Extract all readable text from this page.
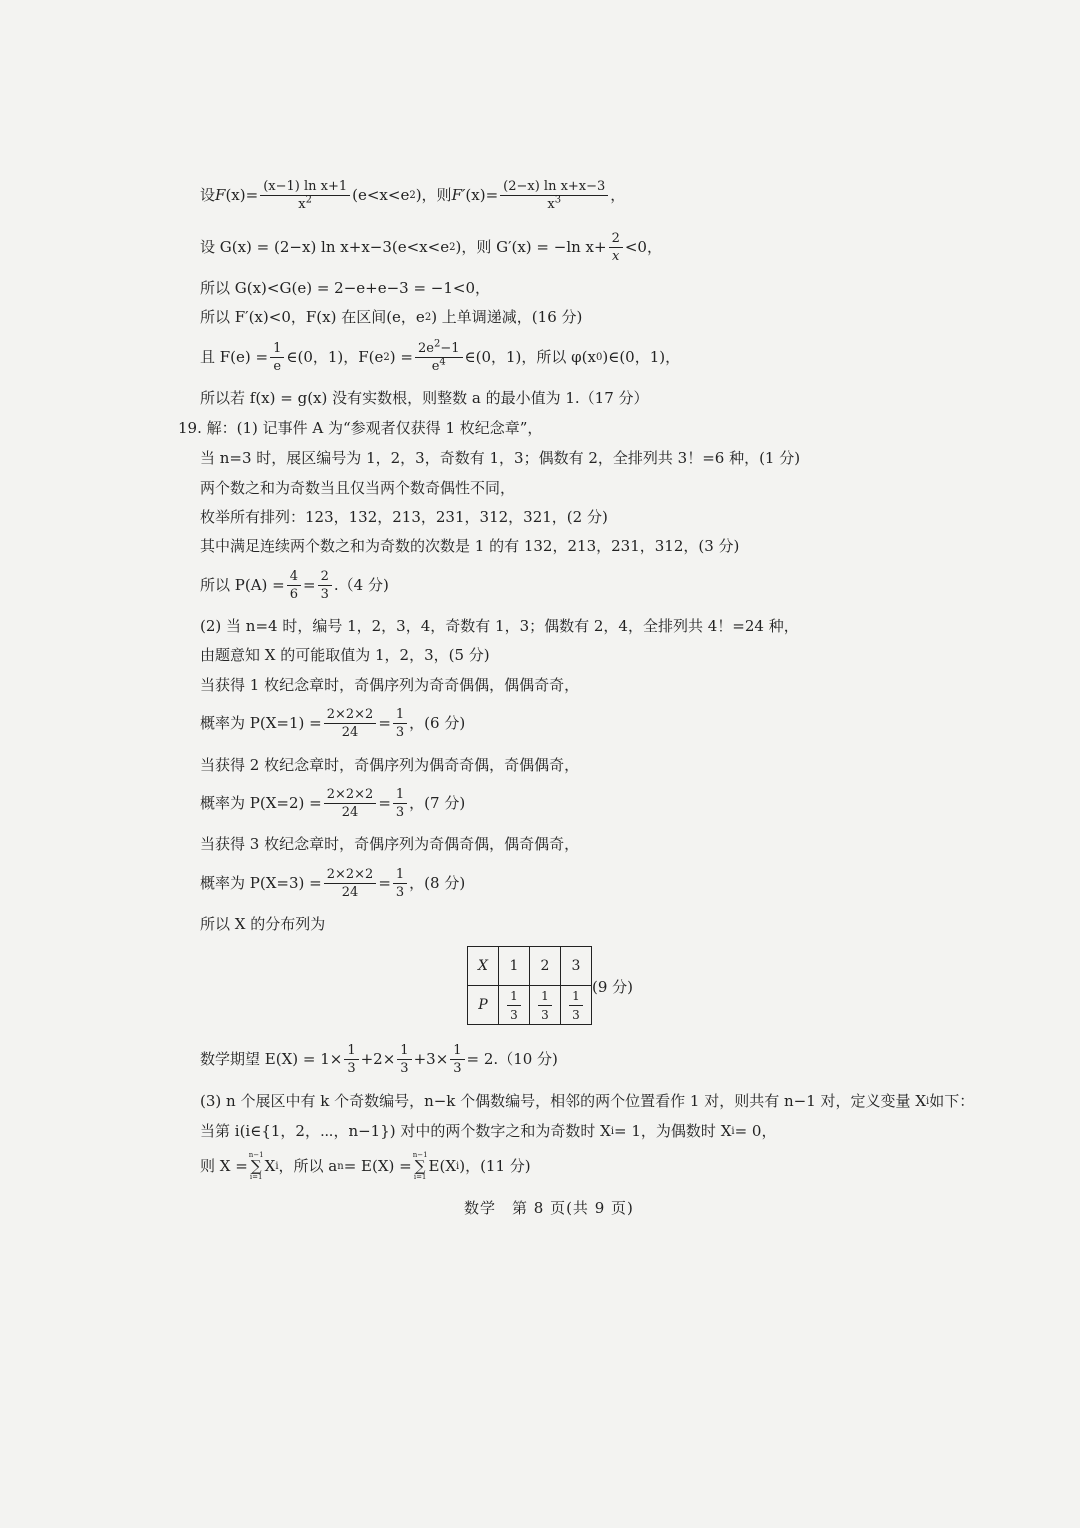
设 F $(x) = \frac{\text{(x−1) ln x+1}}{x^2} (e<x<e$ 2 )，则 F′ $(x) = \frac{\text{(2−x) ln x+x−3}}{x^3}$ ，
设 G(x) = (2−x) ln x+x−3(e<x<e 2 )，则 G′(x) = −ln $x+ \frac{2}{x} <0$，
所以 G(x)<G(e) = 2−e+e−3 = −1<0，
所以 F′(x)<0，F(x) 在区间(e，e 2 ) 上单调递减，(16 分)
且 $F(e) = \frac{1}{e}$ ∈(0，1)，F(e 2 ) = $\frac{2e^2-1}{e^4}$ ∈(0，1)，所以 φ(x 0 )∈(0，1)，
所以若 f(x) = g(x) 没有实数根，则整数 a 的最小值为 1.（17 分）
19. 解：(1) 记事件 A 为“参观者仅获得 1 枚纪念章”，
当 n=3 时，展区编号为 1，2，3，奇数有 1，3；偶数有 2，全排列共 3！=6 种，(1 分)
两个数之和为奇数当且仅当两个数奇偶性不同，
枚举所有排列：123，132，213，231，312，321，(2 分)
其中满足连续两个数之和为奇数的次数是 1 的有 132，213，231，312，(3 分)
所以 $P(A) = \frac{4}{6} = \frac{2}{3} .(4$ 分)
(2) 当 n=4 时，编号 1，2，3，4，奇数有 1，3；偶数有 2，4，全排列共 4！=24 种，
由题意知 X 的可能取值为 1，2，3，(5 分)
当获得 1 枚纪念章时，奇偶序列为奇奇偶偶，偶偶奇奇，
概率为 $P(X=1) = \frac{2\times 2\times 2}{24} = \frac{1}{3}$ ，(6 分)
当获得 2 枚纪念章时，奇偶序列为偶奇奇偶，奇偶偶奇，
概率为 $P(X=2) = \frac{2\times 2\times 2}{24} = \frac{1}{3}$ ，(7 分)
当获得 3 枚纪念章时，奇偶序列为奇偶奇偶，偶奇偶奇，
概率为 $P(X=3) = \frac{2\times 2\times 2}{24} = \frac{1}{3}$ ，(8 分)
所以 X 的分布列为
X	1	2	3
P	$\frac{1}{3}$	$\frac{1}{3}$	$\frac{1}{3}$
(9 分)
数学期望 $E(X) = 1\times \frac{1}{3} +2\times \frac{1}{3} +3\times \frac{1}{3} = 2.(10$ 分)
(3) n 个展区中有 k 个奇数编号，n−k 个偶数编号，相邻的两个位置看作 1 对，则共有 n−1 对，定义变量 X i 如下：
当第 i(i∈{1，2，⋯，n−1}) 对中的两个数字之和为奇数时 X i = 1，为偶数时 X i = 0，
则 X =
n−1
∑
i=1
X i ，所以 a n = E(X) =
n−1
∑
i=1
E(X i )，(11 分)
数学　第 8 页(共 9 页)
